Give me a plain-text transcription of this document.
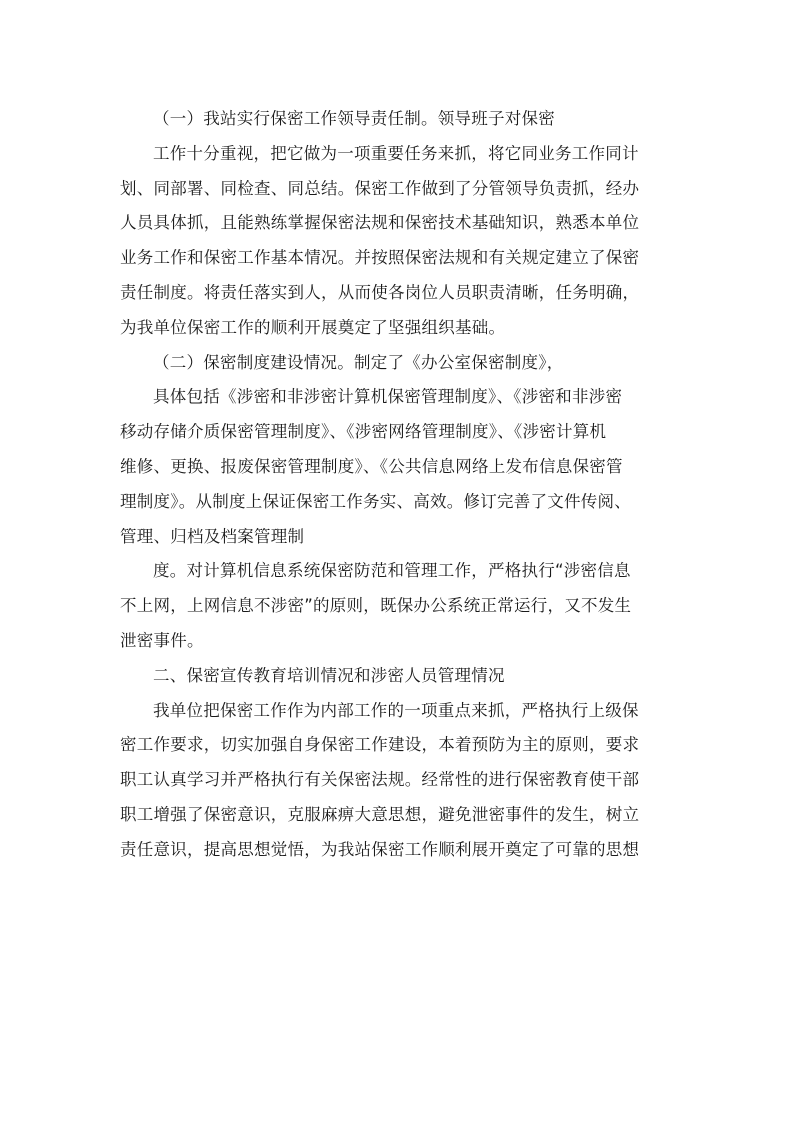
（一）我站实行保密工作领导责任制。领导班子对保密
工作十分重视，把它做为一项重要任务来抓，将它同业务工作同计
划、同部署、同检查、同总结。保密工作做到了分管领导负责抓，经办
人员具体抓，且能熟练掌握保密法规和保密技术基础知识，熟悉本单位
业务工作和保密工作基本情况。并按照保密法规和有关规定建立了保密
责任制度。将责任落实到人，从而使各岗位人员职责清晰，任务明确，
为我单位保密工作的顺利开展奠定了坚强组织基础。
（二）保密制度建设情况。制定了《办公室保密制度》，
具体包括《涉密和非涉密计算机保密管理制度》、《涉密和非涉密
移动存储介质保密管理制度》、《涉密网络管理制度》、《涉密计算机
维修、更换、报废保密管理制度》、《公共信息网络上发布信息保密管
理制度》。从制度上保证保密工作务实、高效。修订完善了文件传阅、
管理、归档及档案管理制
度。对计算机信息系统保密防范和管理工作，严格执行“涉密信息
不上网，上网信息不涉密”的原则，既保办公系统正常运行，又不发生
泄密事件。
二、保密宣传教育培训情况和涉密人员管理情况
我单位把保密工作作为内部工作的一项重点来抓，严格执行上级保
密工作要求，切实加强自身保密工作建设，本着预防为主的原则，要求
职工认真学习并严格执行有关保密法规。经常性的进行保密教育使干部
职工增强了保密意识，克服麻痹大意思想，避免泄密事件的发生，树立
责任意识，提高思想觉悟，为我站保密工作顺利展开奠定了可靠的思想
